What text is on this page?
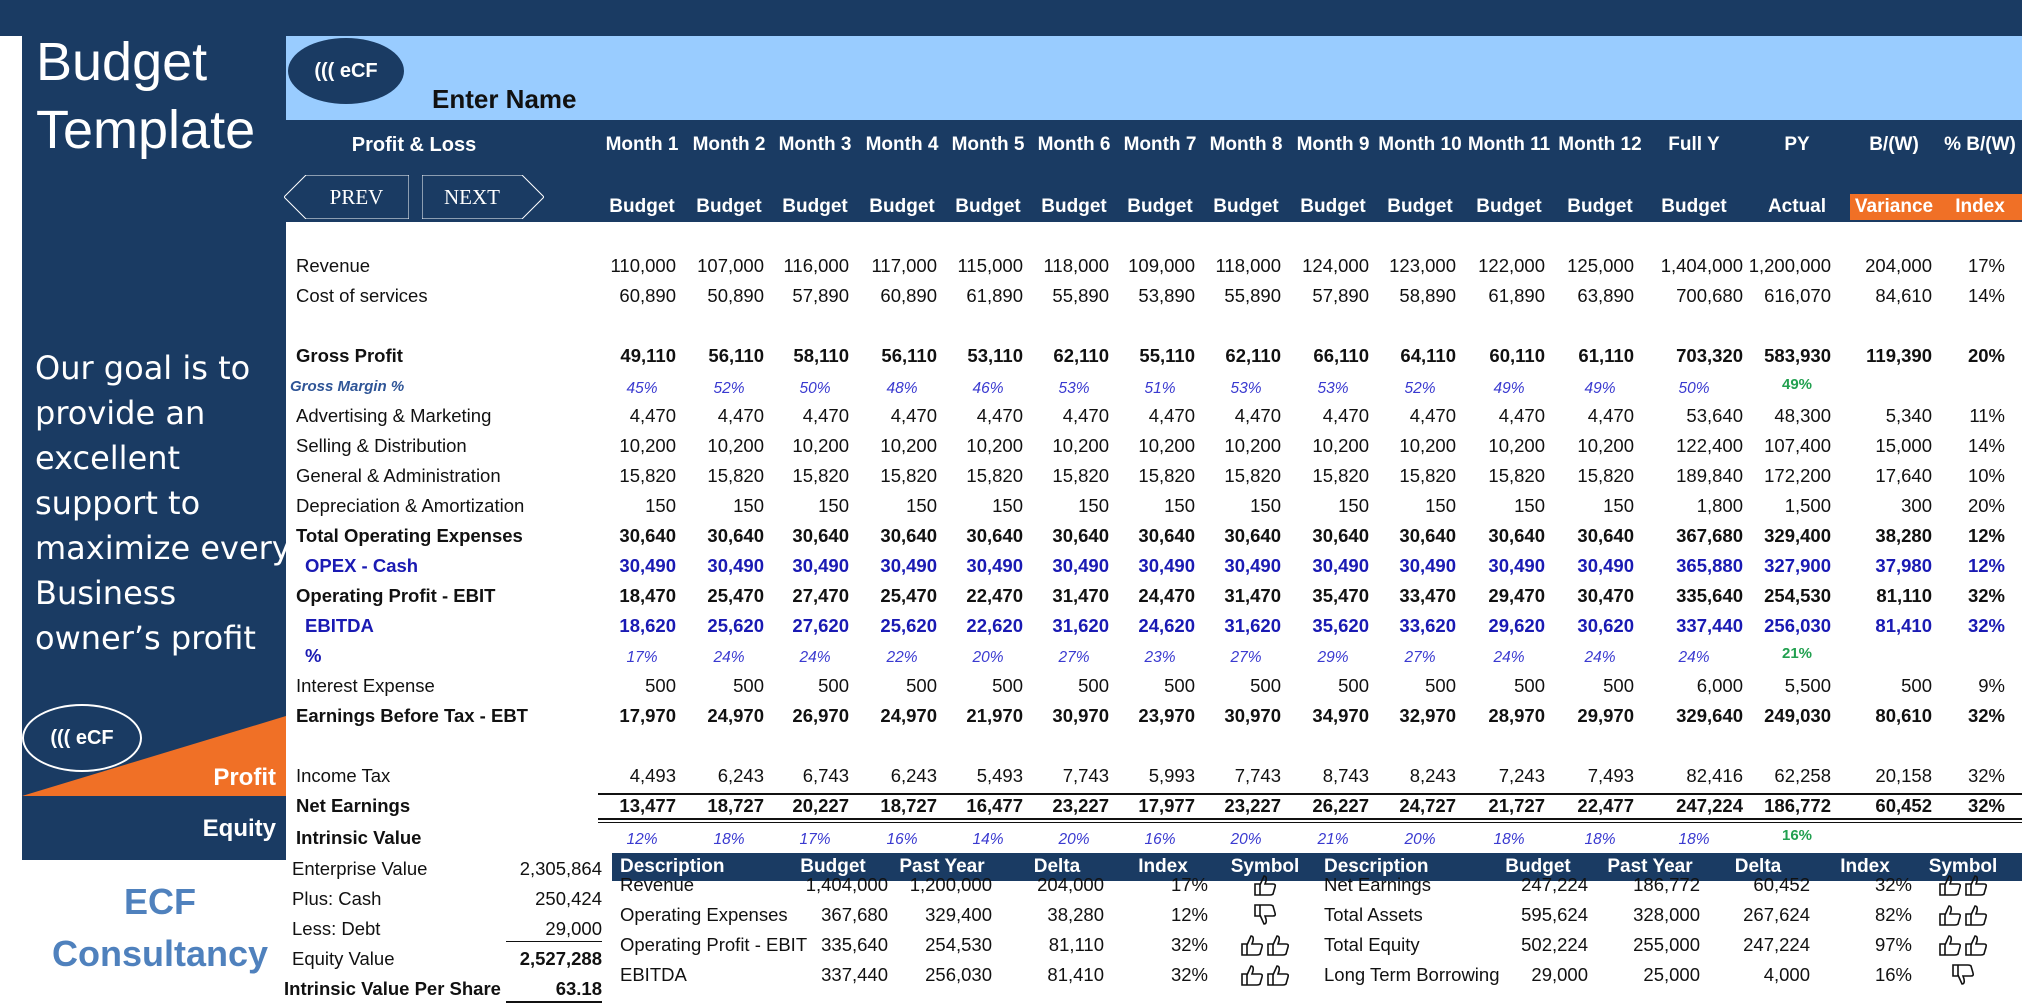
Budget
Template
Our goal is to
provide an
excellent
support to
maximize every
Business
owner’s profit
((( eCF
Profit
Equity
ECF
Consultancy
((( eCF
Enter Name
Profit & Loss	Month 1 Month 2 Month 3 Month 4 Month 5 Month 6 Month 7 Month 8 Month 9 Month 10 Month 11 Month 12	Full Y	PY	B/(W)	% B/(W)
PREV	NEXT	Budget	Budget	Budget	Budget	Budget	Budget	Budget	Budget	Budget	Budget	Budget	Budget	Budget	Actual	Variance	Index
Revenue	110,000	107,000	116,000	117,000	115,000	118,000	109,000	118,000	124,000	123,000	122,000	125,000	1,404,000 1,200,000	204,000	17%
Cost of services	60,890	50,890	57,890	60,890	61,890	55,890	53,890	55,890	57,890	58,890	61,890	63,890	700,680	616,070	84,610	14%
Gross Profit	49,110	56,110	58,110	56,110	53,110	62,110	55,110	62,110	66,110	64,110	60,110	61,110	703,320	583,930	119,390	20%
Gross Margin %	45%	52%	50%	48%	46%	53%	51%	53%	53%	52%	49%	49%	50%	49%
Advertising & Marketing	4,470	4,470	4,470	4,470	4,470	4,470	4,470	4,470	4,470	4,470	4,470	4,470	53,640	48,300	5,340	11%
Selling & Distribution	10,200	10,200	10,200	10,200	10,200	10,200	10,200	10,200	10,200	10,200	10,200	10,200	122,400	107,400	15,000	14%
General & Administration	15,820	15,820	15,820	15,820	15,820	15,820	15,820	15,820	15,820	15,820	15,820	15,820	189,840	172,200	17,640	10%
Depreciation & Amortization	150	150	150	150	150	150	150	150	150	150	150	150	1,800	1,500	300	20%
Total Operating Expenses	30,640	30,640	30,640	30,640	30,640	30,640	30,640	30,640	30,640	30,640	30,640	30,640	367,680	329,400	38,280	12%
OPEX - Cash	30,490	30,490	30,490	30,490	30,490	30,490	30,490	30,490	30,490	30,490	30,490	30,490	365,880	327,900	37,980	12%
Operating Profit - EBIT	18,470	25,470	27,470	25,470	22,470	31,470	24,470	31,470	35,470	33,470	29,470	30,470	335,640	254,530	81,110	32%
EBITDA	18,620	25,620	27,620	25,620	22,620	31,620	24,620	31,620	35,620	33,620	29,620	30,620	337,440	256,030	81,410	32%
%	17%	24%	24%	22%	20%	27%	23%	27%	29%	27%	24%	24%	24%	21%
Interest Expense	500	500	500	500	500	500	500	500	500	500	500	500	6,000	5,500	500	9%
Earnings Before Tax - EBT	17,970	24,970	26,970	24,970	21,970	30,970	23,970	30,970	34,970	32,970	28,970	29,970	329,640	249,030	80,610	32%
Income Tax	4,493	6,243	6,743	6,243	5,493	7,743	5,993	7,743	8,743	8,243	7,243	7,493	82,416	62,258	20,158	32%
Net Earnings	13,477	18,727	20,227	18,727	16,477	23,227	17,977	23,227	26,227	24,727	21,727	22,477	247,224	186,772	60,452	32%
Intrinsic Value	12%	18%	17%	16%	14%	20%	16%	20%	21%	20%	18%	18%	18%	16%
Enterprise Value	2,305,864
Plus: Cash	250,424
Less: Debt	29,000
Equity Value	2,527,288
Intrinsic Value Per Share	63.18
Description	Budget	Past Year	Delta	Index	Symbol
Revenue	1,404,000	1,200,000	204,000	17%
Operating Expenses	367,680	329,400	38,280	12%
Operating Profit - EBIT 335,640	254,530	81,110	32%
EBITDA	337,440	256,030	81,410	32%
Description	Budget	Past Year	Delta	Index	Symbol
Net Earnings	247,224	186,772	60,452	32%
Total Assets	595,624	328,000	267,624	82%
Total Equity	502,224	255,000	247,224	97%
Long Term Borrowing	29,000	25,000	4,000	16%
